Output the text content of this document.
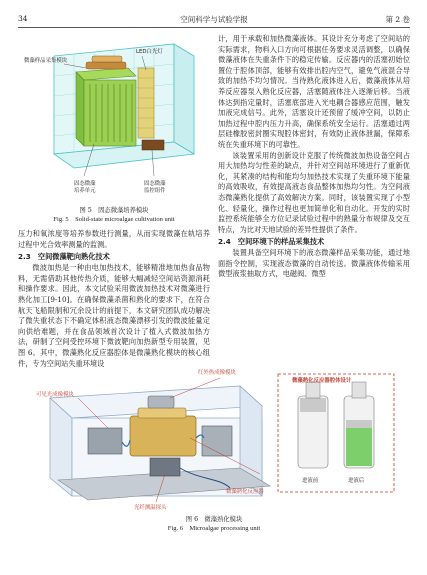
34	空间科学与试验学报	第 2 卷
微藻样品采集模块
LED白光灯
固态微藻
培养单元
固态微藻
监控组件
图 5　固态微藻培养模块
Fig. 5　Solid-state microalgae cultivation unit

压力和氧浓度等培养参数进行测量，从而实现微藻在轨培养过程中光合效率测量的监测。

2.3　空间微藻靶向熟化技术

微波加热是一种由电加热技术，能够精准地加热食品物料，无需借助其他传热介质，能够大幅减轻空间站资源消耗和操作要求。因此，本文试验采用微波加热技术对微藻进行熟化加工[9-10]。在确保微藻杀菌和熟化的要求下，在符合航天飞船限制和冗余设计的前提下，本文研究团队成功解决了微失重状态下不确定体积液态微藻漂移引发的微波能量定向供给难题，并在食品领域首次设计了植入式微波加热方法，研制了空间受控环境下微波靶向加热新型专用装置，见图 6。其中，微藻熟化反应器腔体是微藻熟化模块的核心组件，专为空间站失重环境设

计，用于承载和加热微藻液体。其设计充分考虑了空间站的实际需求，物料入口方向可根据任务要求灵活调整，以确保微藻液体在失重条件下的稳定传输。反应器内的活塞初始位置位于腔体顶部，能够有效排出腔内空气，避免气液混合导致的加热不均匀情况。当待熟化液体进入后，微藻液体从培养反应器泵入熟化反应器，活塞随液体注入逐渐后移。当液体达到指定量时，活塞底部进入光电耦合器感应范围，触发加液完成信号。此外，活塞设计还预留了缓冲空间，以防止加热过程中腔内压力升高，确保系统安全运行。活塞通过两层硅橡胶密封圈实现腔体密封，有效防止液体泄漏，保障系统在失重环境下的可靠性。

该装置采用的创新设计克服了传统微波加热设备空间占用大加热均匀性差的缺点，并针对空间站环境进行了重新优化，其紧凑的结构和能均匀加热技术实现了失重环境下能量的高效吸收，有效提高液态食品整体加热均匀性。为空间液态微藻熟化提供了高效解决方案。同时，该装置实现了小型化、轻量化，操作过程也更加简单化和自动化。开发的实时监控系统能够全方位记录试验过程中的熟量分布规律及交互特点，为比对天地试验的差异性提供了条件。

2.4　空间环境下的样品采集技术

装置具备空间环境下的液态微藻样品采集功能，通过地面指令控制，实现液态微藻的自动传送。微藻液体传输采用微型液浆抽取方式，电磁阀、微型

红外热成像模块
可见光成像模块
微藻熟化反应器
光纤测温探头
微藻熟化反应器腔体设计
进液前	进液后
图 6　微藻熟化模块
Fig. 6　Microalgae processing unit
